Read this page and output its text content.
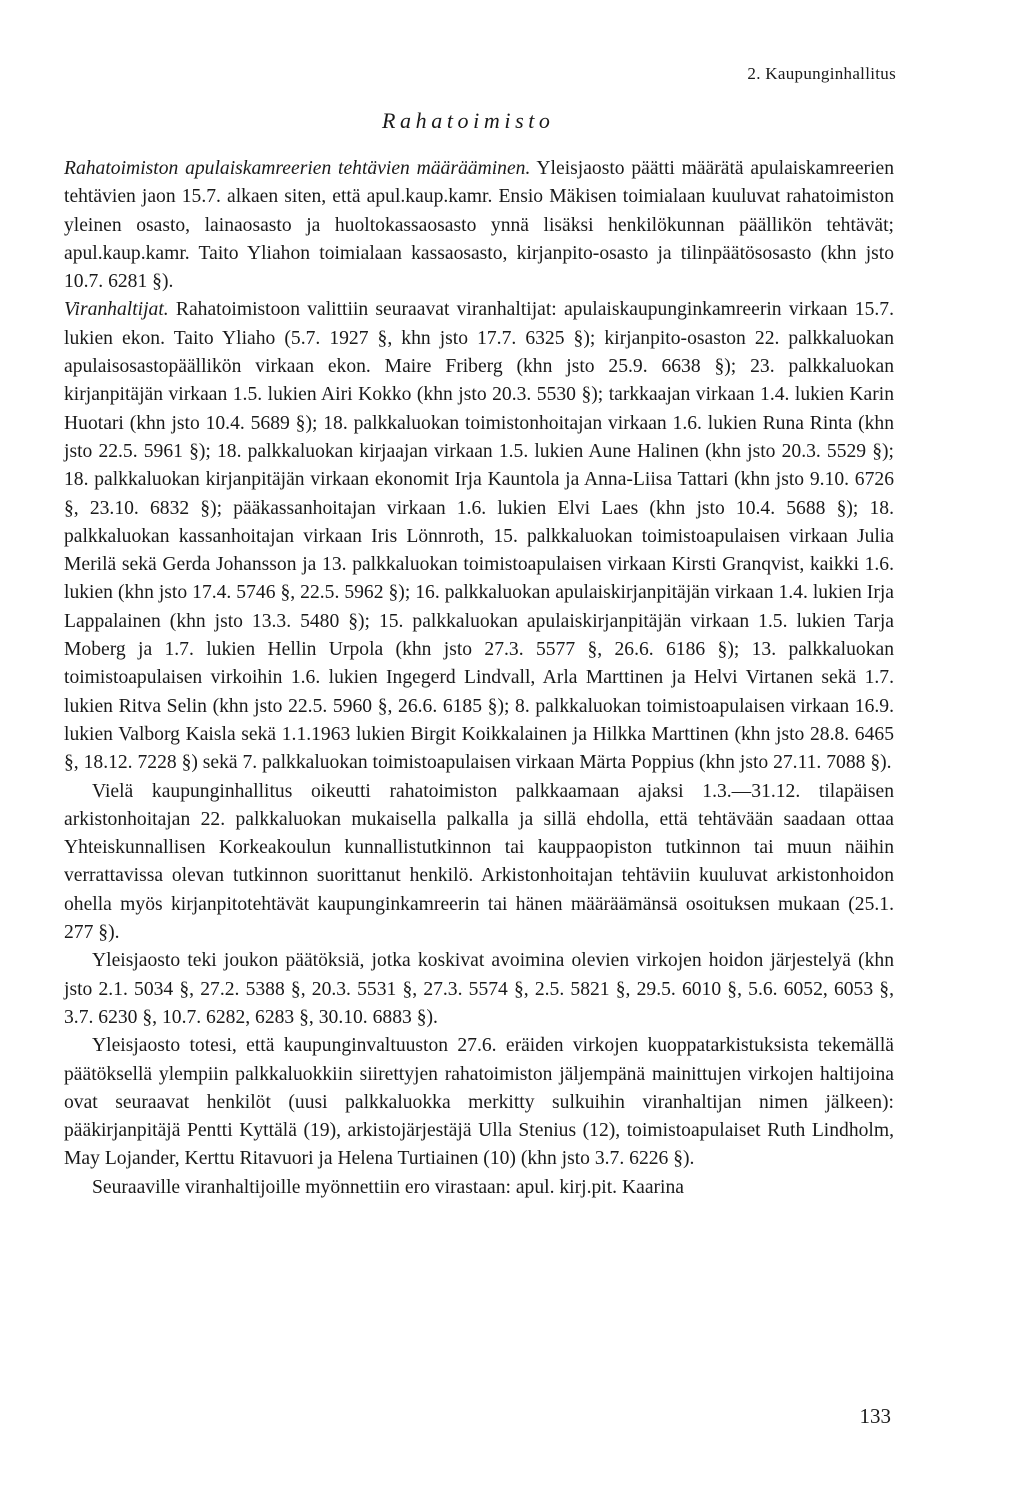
2. Kaupunginhallitus
Rahatoimisto

Rahatoimiston apulaiskamreerien tehtävien määrääminen. Yleisjaosto päätti määrätä apulaiskamreerien tehtävien jaon 15.7. alkaen siten, että apul.kaup.kamr. Ensio Mäkisen toimialaan kuuluvat rahatoimiston yleinen osasto, lainaosasto ja huoltokassaosasto ynnä lisäksi henkilökunnan päällikön tehtävät; apul.kaup.kamr. Taito Yliahon toimialaan kassaosasto, kirjanpito-osasto ja tilinpäätösosasto (khn jsto 10.7. 6281 §).

Viranhaltijat. Rahatoimistoon valittiin seuraavat viranhaltijat: apulaiskaupunginkamreerin virkaan 15.7. lukien ekon. Taito Yliaho (5.7. 1927 §, khn jsto 17.7. 6325 §); kirjanpito-osaston 22. palkkaluokan apulaisosastopäällikön virkaan ekon. Maire Friberg (khn jsto 25.9. 6638 §); 23. palkkaluokan kirjanpitäjän virkaan 1.5. lukien Airi Kokko (khn jsto 20.3. 5530 §); tarkkaajan virkaan 1.4. lukien Karin Huotari (khn jsto 10.4. 5689 §); 18. palkkaluokan toimistonhoitajan virkaan 1.6. lukien Runa Rinta (khn jsto 22.5. 5961 §); 18. palkkaluokan kirjaajan virkaan 1.5. lukien Aune Halinen (khn jsto 20.3. 5529 §); 18. palkkaluokan kirjanpitäjän virkaan ekonomit Irja Kauntola ja Anna-Liisa Tattari (khn jsto 9.10. 6726 §, 23.10. 6832 §); pääkassanhoitajan virkaan 1.6. lukien Elvi Laes (khn jsto 10.4. 5688 §); 18. palkkaluokan kassanhoitajan virkaan Iris Lönnroth, 15. palkkaluokan toimistoapulaisen virkaan Julia Merilä sekä Gerda Johansson ja 13. palkkaluokan toimistoapulaisen virkaan Kirsti Granqvist, kaikki 1.6. lukien (khn jsto 17.4. 5746 §, 22.5. 5962 §); 16. palkkaluokan apulaiskirjanpitäjän virkaan 1.4. lukien Irja Lappalainen (khn jsto 13.3. 5480 §); 15. palkkaluokan apulaiskirjanpitäjän virkaan 1.5. lukien Tarja Moberg ja 1.7. lukien Hellin Urpola (khn jsto 27.3. 5577 §, 26.6. 6186 §); 13. palkkaluokan toimistoapulaisen virkoihin 1.6. lukien Ingegerd Lindvall, Arla Marttinen ja Helvi Virtanen sekä 1.7. lukien Ritva Selin (khn jsto 22.5. 5960 §, 26.6. 6185 §); 8. palkkaluokan toimistoapulaisen virkaan 16.9. lukien Valborg Kaisla sekä 1.1.1963 lukien Birgit Koikkalainen ja Hilkka Marttinen (khn jsto 28.8. 6465 §, 18.12. 7228 §) sekä 7. palkkaluokan toimistoapulaisen virkaan Märta Poppius (khn jsto 27.11. 7088 §).

Vielä kaupunginhallitus oikeutti rahatoimiston palkkaamaan ajaksi 1.3.—31.12. tilapäisen arkistonhoitajan 22. palkkaluokan mukaisella palkalla ja sillä ehdolla, että tehtävään saadaan ottaa Yhteiskunnallisen Korkeakoulun kunnallistutkinnon tai kauppaopiston tutkinnon tai muun näihin verrattavissa olevan tutkinnon suorittanut henkilö. Arkistonhoitajan tehtäviin kuuluvat arkistonhoidon ohella myös kirjanpitotehtävät kaupunginkamreerin tai hänen määräämänsä osoituksen mukaan (25.1. 277 §).

Yleisjaosto teki joukon päätöksiä, jotka koskivat avoimina olevien virkojen hoidon järjestelyä (khn jsto 2.1. 5034 §, 27.2. 5388 §, 20.3. 5531 §, 27.3. 5574 §, 2.5. 5821 §, 29.5. 6010 §, 5.6. 6052, 6053 §, 3.7. 6230 §, 10.7. 6282, 6283 §, 30.10. 6883 §).

Yleisjaosto totesi, että kaupunginvaltuuston 27.6. eräiden virkojen kuoppatarkistuksista tekemällä päätöksellä ylempiin palkkaluokkiin siirettyjen rahatoimiston jäljempänä mainittujen virkojen haltijoina ovat seuraavat henkilöt (uusi palkkaluokka merkitty sulkuihin viranhaltijan nimen jälkeen): pääkirjanpitäjä Pentti Kyttälä (19), arkistojärjestäjä Ulla Stenius (12), toimistoapulaiset Ruth Lindholm, May Lojander, Kerttu Ritavuori ja Helena Turtiainen (10) (khn jsto 3.7. 6226 §).

Seuraaville viranhaltijoille myönnettiin ero virastaan: apul. kirj.pit. Kaarina

133
